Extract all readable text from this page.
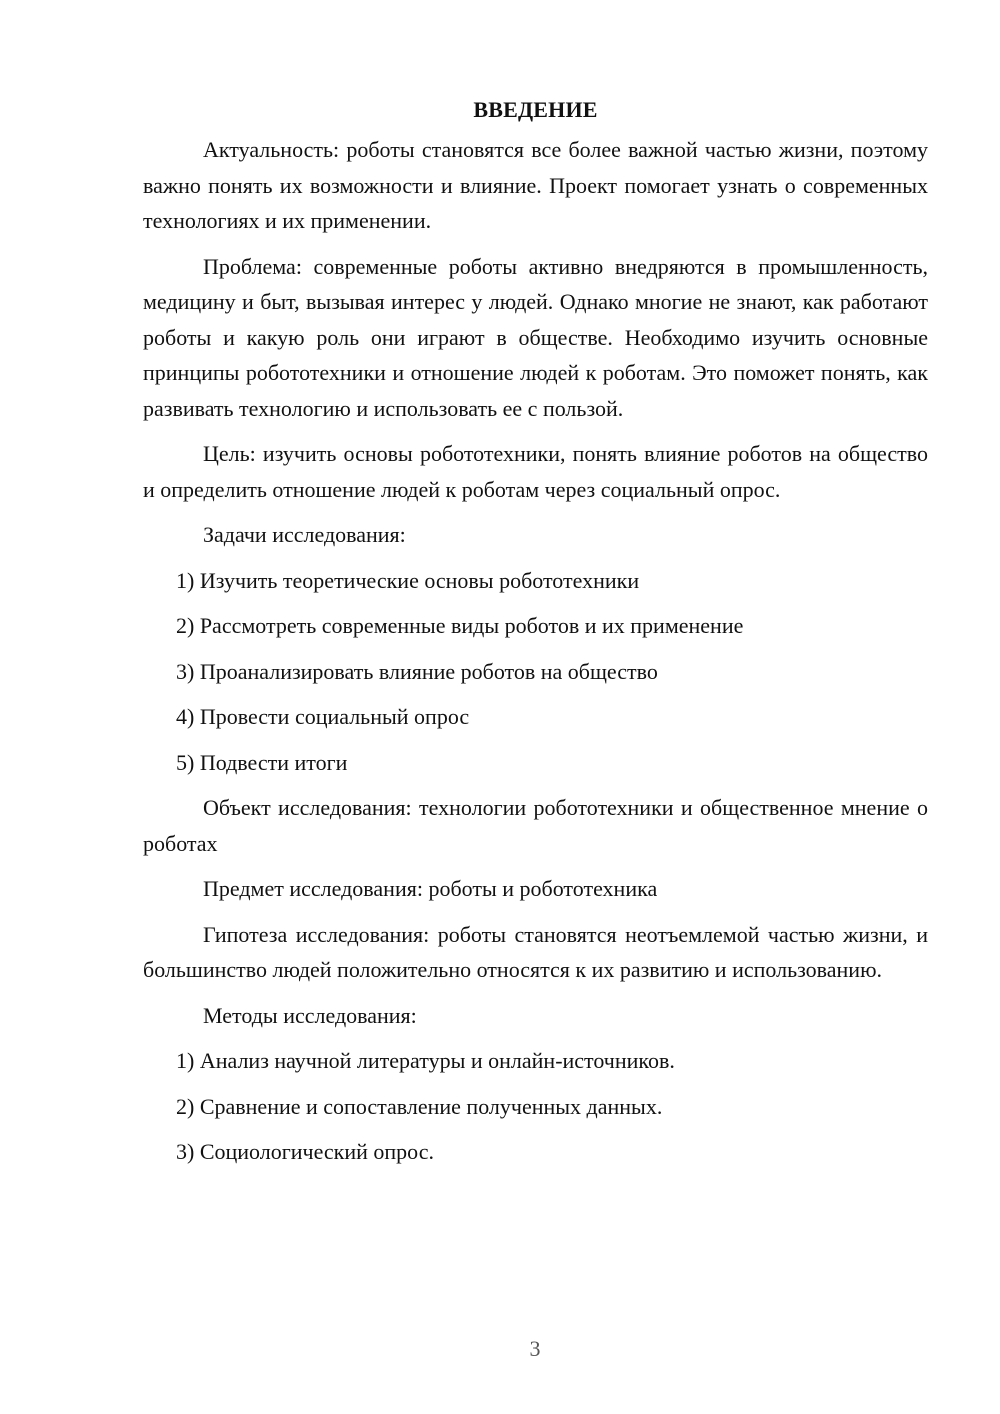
ВВЕДЕНИЕ

Актуальность: роботы становятся все более важной частью жизни, поэтому важно понять их возможности и влияние. Проект помогает узнать о современных технологиях и их применении.

Проблема: современные роботы активно внедряются в промышленность, медицину и быт, вызывая интерес у людей. Однако многие не знают, как работают роботы и какую роль они играют в обществе. Необходимо изучить основные принципы робототехники и отношение людей к роботам. Это поможет понять, как развивать технологию и использовать ее с пользой.

Цель: изучить основы робототехники, понять влияние роботов на общество и определить отношение людей к роботам через социальный опрос.

Задачи исследования:
1) Изучить теоретические основы робототехники
2) Рассмотреть современные виды роботов и их применение
3) Проанализировать влияние роботов на общество
4) Провести социальный опрос
5) Подвести итоги

Объект исследования: технологии робототехники и общественное мнение о роботах

Предмет исследования: роботы и робототехника

Гипотеза исследования: роботы становятся неотъемлемой частью жизни, и большинство людей положительно относятся к их развитию и использованию.

Методы исследования:
1) Анализ научной литературы и онлайн-источников.
2) Сравнение и сопоставление полученных данных.
3) Социологический опрос.
3
